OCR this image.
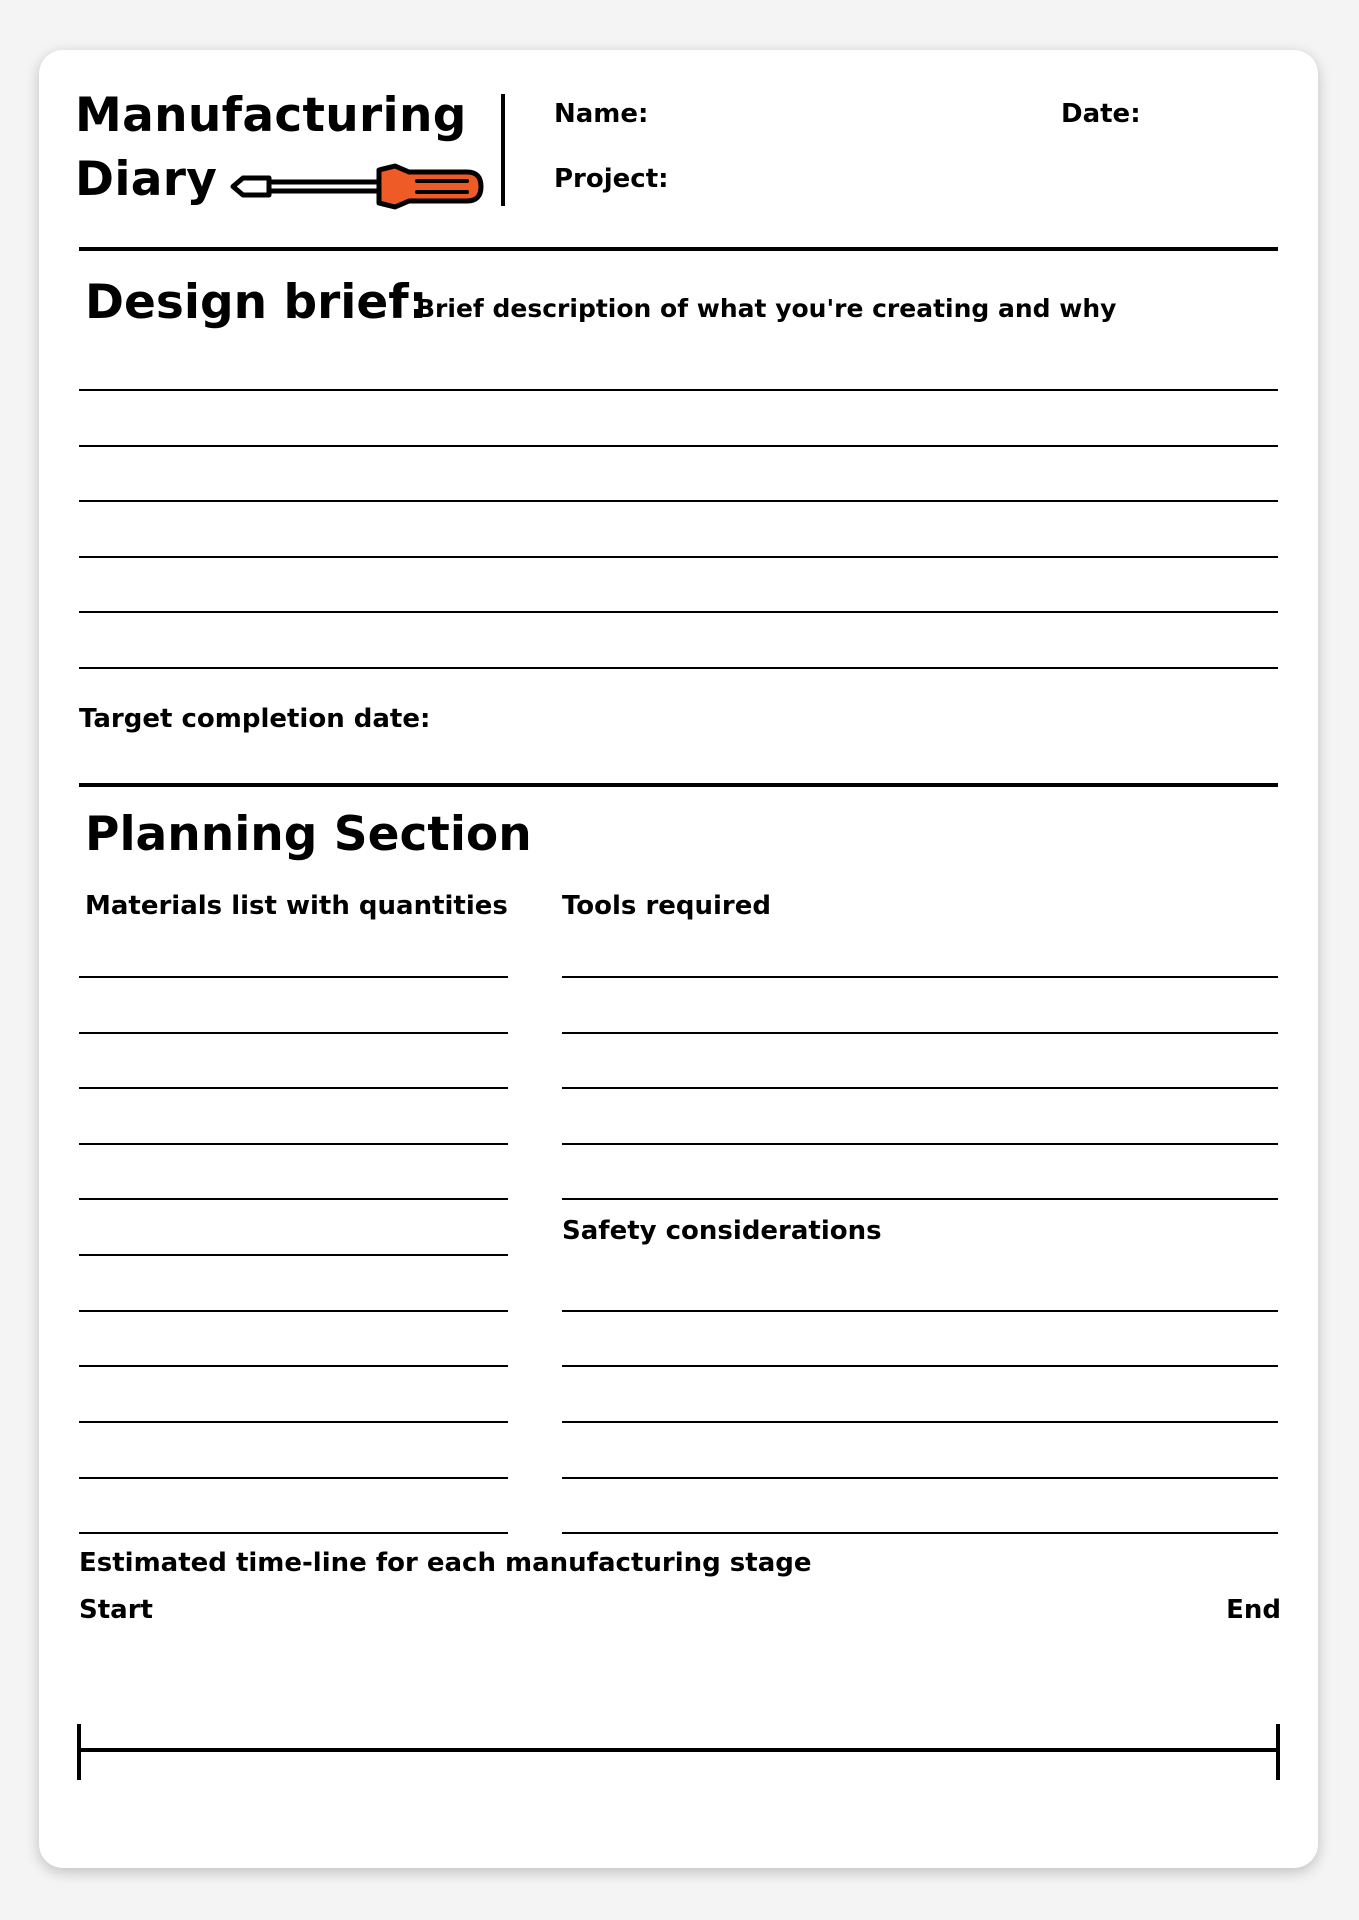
Manufacturing
Diary
Name:	Date:
Project:
Design brief:
Brief description of what you're creating and why
Target completion date:
Planning Section
Materials list with quantities Tools required
Safety considerations
Estimated time-line for each manufacturing stage
Start	End
